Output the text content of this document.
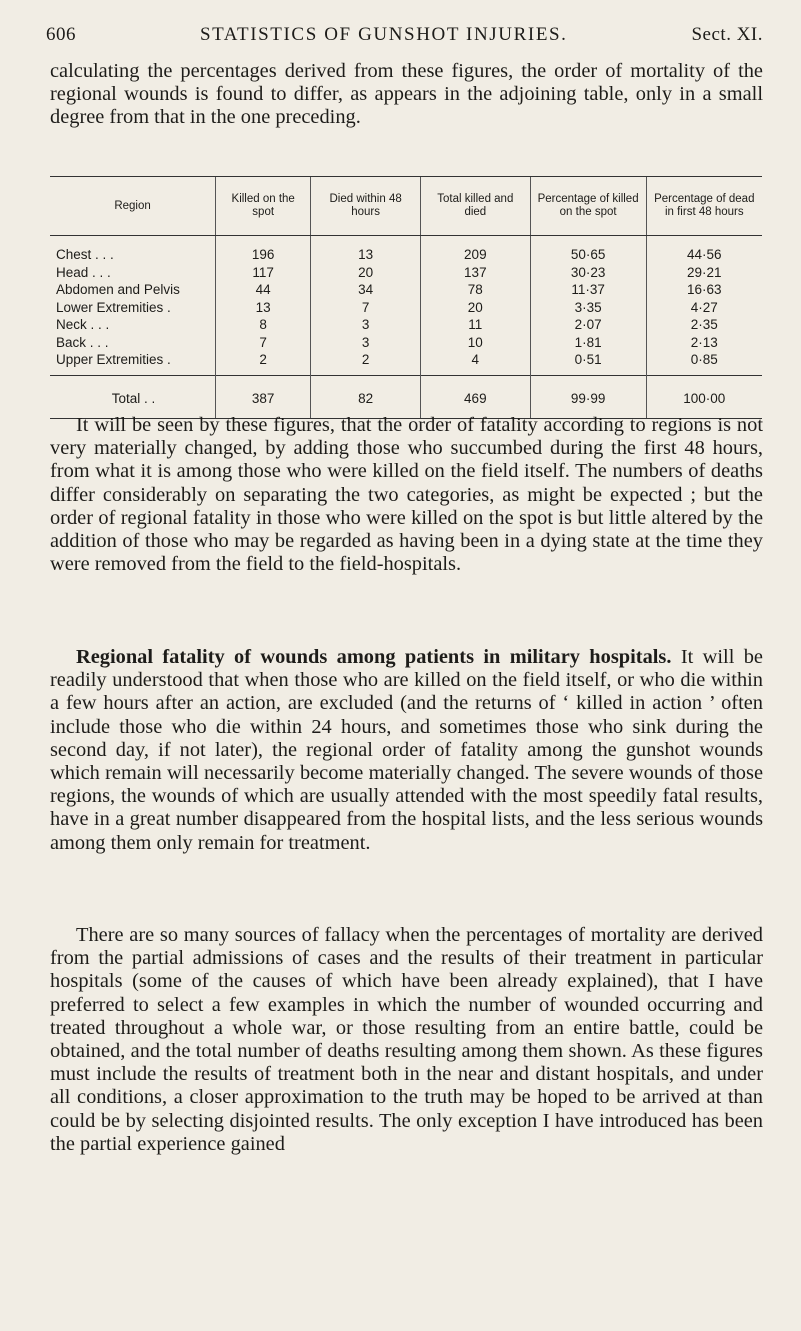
606	STATISTICS OF GUNSHOT INJURIES.	Sect. XI.
calculating the percentages derived from these figures, the order of mortality of the regional wounds is found to differ, as appears in the adjoining table, only in a small degree from that in the one preceding.
Region	Killed on the spot	Died within 48 hours	Total killed and died	Percentage of killed on the spot	Percentage of dead in first 48 hours
Chest . . .	196	13	209	50·65	44·56
Head . . .	117	20	137	30·23	29·21
Abdomen and Pelvis	44	34	78	11·37	16·63
Lower Extremities .	13	7	20	3·35	4·27
Neck . . .	8	3	11	2·07	2·35
Back . . .	7	3	10	1·81	2·13
Upper Extremities .	2	2	4	0·51	0·85
Total . .	387	82	469	99·99	100·00
It will be seen by these figures, that the order of fatality according to regions is not very materially changed, by adding those who succumbed during the first 48 hours, from what it is among those who were killed on the field itself. The numbers of deaths differ considerably on separating the two categories, as might be expected ; but the order of regional fatality in those who were killed on the spot is but little altered by the addition of those who may be regarded as having been in a dying state at the time they were removed from the field to the field-hospitals.
Regional fatality of wounds among patients in military hospitals. It will be readily understood that when those who are killed on the field itself, or who die within a few hours after an action, are excluded (and the returns of ‘ killed in action ’ often include those who die within 24 hours, and sometimes those who sink during the second day, if not later), the regional order of fatality among the gunshot wounds which remain will necessarily become materially changed. The severe wounds of those regions, the wounds of which are usually attended with the most speedily fatal results, have in a great number disappeared from the hospital lists, and the less serious wounds among them only remain for treatment.
There are so many sources of fallacy when the percentages of mortality are derived from the partial admissions of cases and the results of their treatment in particular hospitals (some of the causes of which have been already explained), that I have preferred to select a few examples in which the number of wounded occurring and treated throughout a whole war, or those resulting from an entire battle, could be obtained, and the total number of deaths resulting among them shown. As these figures must include the results of treatment both in the near and distant hospitals, and under all conditions, a closer approximation to the truth may be hoped to be arrived at than could be by selecting disjointed results. The only exception I have introduced has been the partial experience gained
